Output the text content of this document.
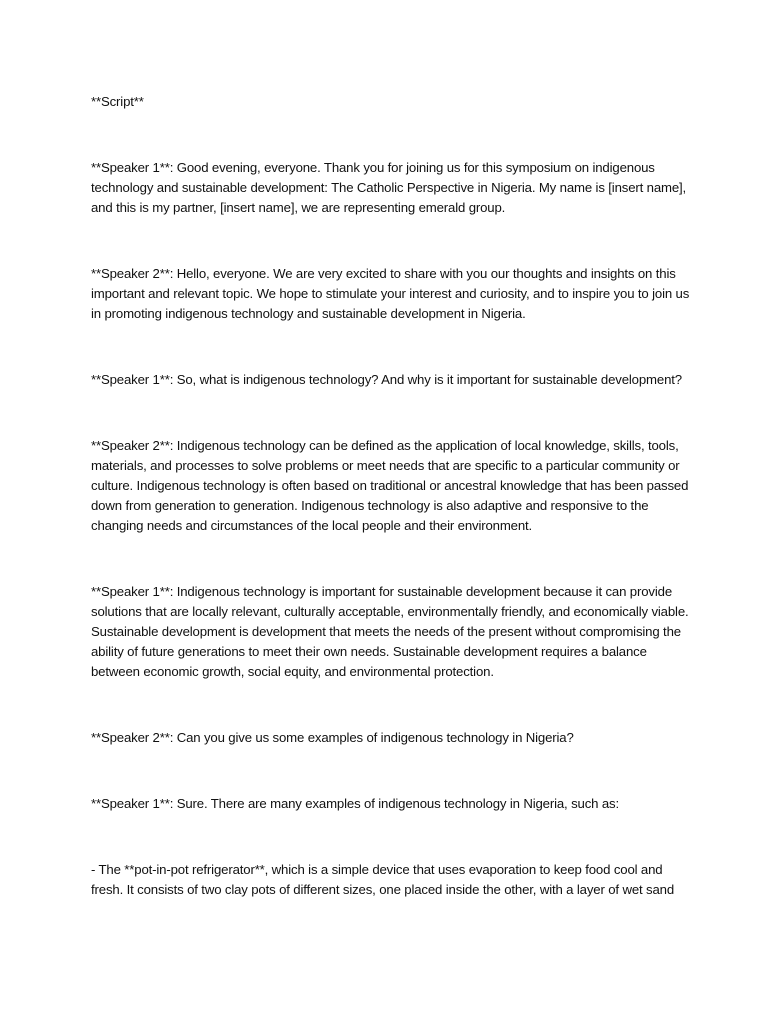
**Script**

**Speaker 1**: Good evening, everyone. Thank you for joining us for this symposium on indigenous technology and sustainable development: The Catholic Perspective in Nigeria. My name is [insert name], and this is my partner, [insert name], we are representing emerald group.

**Speaker 2**: Hello, everyone. We are very excited to share with you our thoughts and insights on this important and relevant topic. We hope to stimulate your interest and curiosity, and to inspire you to join us in promoting indigenous technology and sustainable development in Nigeria.

**Speaker 1**: So, what is indigenous technology? And why is it important for sustainable development?

**Speaker 2**: Indigenous technology can be defined as the application of local knowledge, skills, tools, materials, and processes to solve problems or meet needs that are specific to a particular community or culture. Indigenous technology is often based on traditional or ancestral knowledge that has been passed down from generation to generation. Indigenous technology is also adaptive and responsive to the changing needs and circumstances of the local people and their environment.

**Speaker 1**: Indigenous technology is important for sustainable development because it can provide solutions that are locally relevant, culturally acceptable, environmentally friendly, and economically viable. Sustainable development is development that meets the needs of the present without compromising the ability of future generations to meet their own needs. Sustainable development requires a balance between economic growth, social equity, and environmental protection.

**Speaker 2**: Can you give us some examples of indigenous technology in Nigeria?

**Speaker 1**: Sure. There are many examples of indigenous technology in Nigeria, such as:

- The **pot-in-pot refrigerator**, which is a simple device that uses evaporation to keep food cool and fresh. It consists of two clay pots of different sizes, one placed inside the other, with a layer of wet sand
